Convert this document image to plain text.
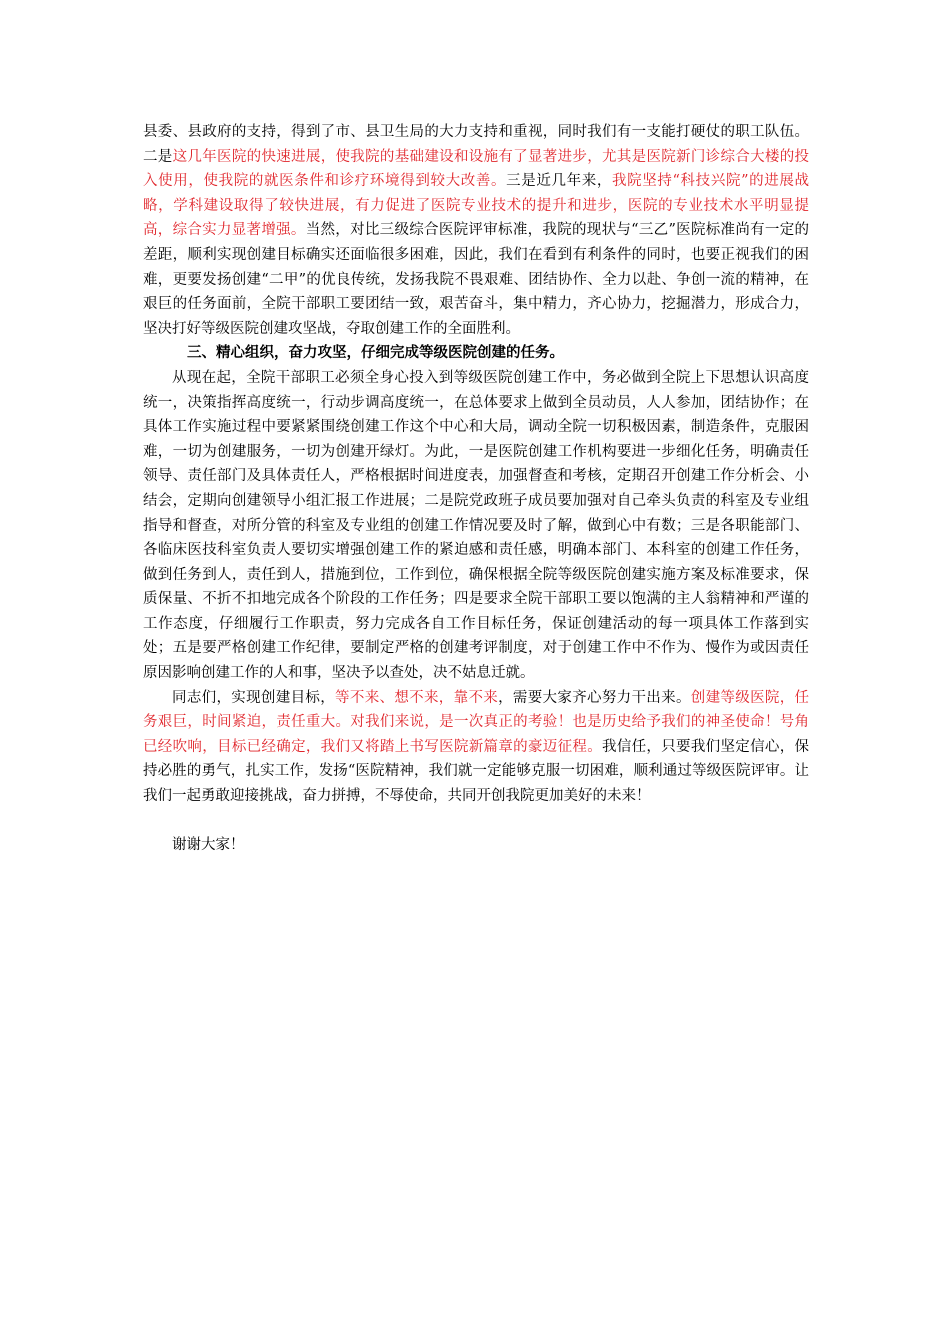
县委、县政府的支持，得到了市、县卫生局的大力支持和重视，同时我们有一支能打硬仗的职工队伍。二是这几年医院的快速进展，使我院的基础建设和设施有了显著进步，尤其是医院新门诊综合大楼的投入使用，使我院的就医条件和诊疗环境得到较大改善。三是近几年来，我院坚持“科技兴院”的进展战略，学科建设取得了较快进展，有力促进了医院专业技术的提升和进步，医院的专业技术水平明显提高，综合实力显著增强。当然，对比三级综合医院评审标准，我院的现状与“三乙”医院标准尚有一定的差距，顺利实现创建目标确实还面临很多困难，因此，我们在看到有利条件的同时，也要正视我们的困难，更要发扬创建“二甲”的优良传统，发扬我院不畏艰难、团结协作、全力以赴、争创一流的精神，在艰巨的任务面前，全院干部职工要团结一致，艰苦奋斗，集中精力，齐心协力，挖掘潜力，形成合力，坚决打好等级医院创建攻坚战，夺取创建工作的全面胜利。

三、精心组织，奋力攻坚，仔细完成等级医院创建的任务。

从现在起，全院干部职工必须全身心投入到等级医院创建工作中，务必做到全院上下思想认识高度统一，决策指挥高度统一，行动步调高度统一，在总体要求上做到全员动员，人人参加，团结协作；在具体工作实施过程中要紧紧围绕创建工作这个中心和大局，调动全院一切积极因素，制造条件，克服困难，一切为创建服务，一切为创建开绿灯。为此，一是医院创建工作机构要进一步细化任务，明确责任领导、责任部门及具体责任人，严格根据时间进度表，加强督查和考核，定期召开创建工作分析会、小结会，定期向创建领导小组汇报工作进展；二是院党政班子成员要加强对自己牵头负责的科室及专业组指导和督查，对所分管的科室及专业组的创建工作情况要及时了解，做到心中有数；三是各职能部门、各临床医技科室负责人要切实增强创建工作的紧迫感和责任感，明确本部门、本科室的创建工作任务，做到任务到人，责任到人，措施到位，工作到位，确保根据全院等级医院创建实施方案及标准要求，保质保量、不折不扣地完成各个阶段的工作任务；四是要求全院干部职工要以饱满的主人翁精神和严谨的工作态度，仔细履行工作职责，努力完成各自工作目标任务，保证创建活动的每一项具体工作落到实处；五是要严格创建工作纪律，要制定严格的创建考评制度，对于创建工作中不作为、慢作为或因责任原因影响创建工作的人和事，坚决予以查处，决不姑息迁就。

同志们，实现创建目标，等不来、想不来，靠不来，需要大家齐心努力干出来。创建等级医院，任务艰巨，时间紧迫，责任重大。对我们来说，是一次真正的考验！也是历史给予我们的神圣使命！号角已经吹响，目标已经确定，我们又将踏上书写医院新篇章的豪迈征程。我信任，只要我们坚定信心，保持必胜的勇气，扎实工作，发扬“医院精神，我们就一定能够克服一切困难，顺利通过等级医院评审。让我们一起勇敢迎接挑战，奋力拼搏，不辱使命，共同开创我院更加美好的未来！

谢谢大家！
